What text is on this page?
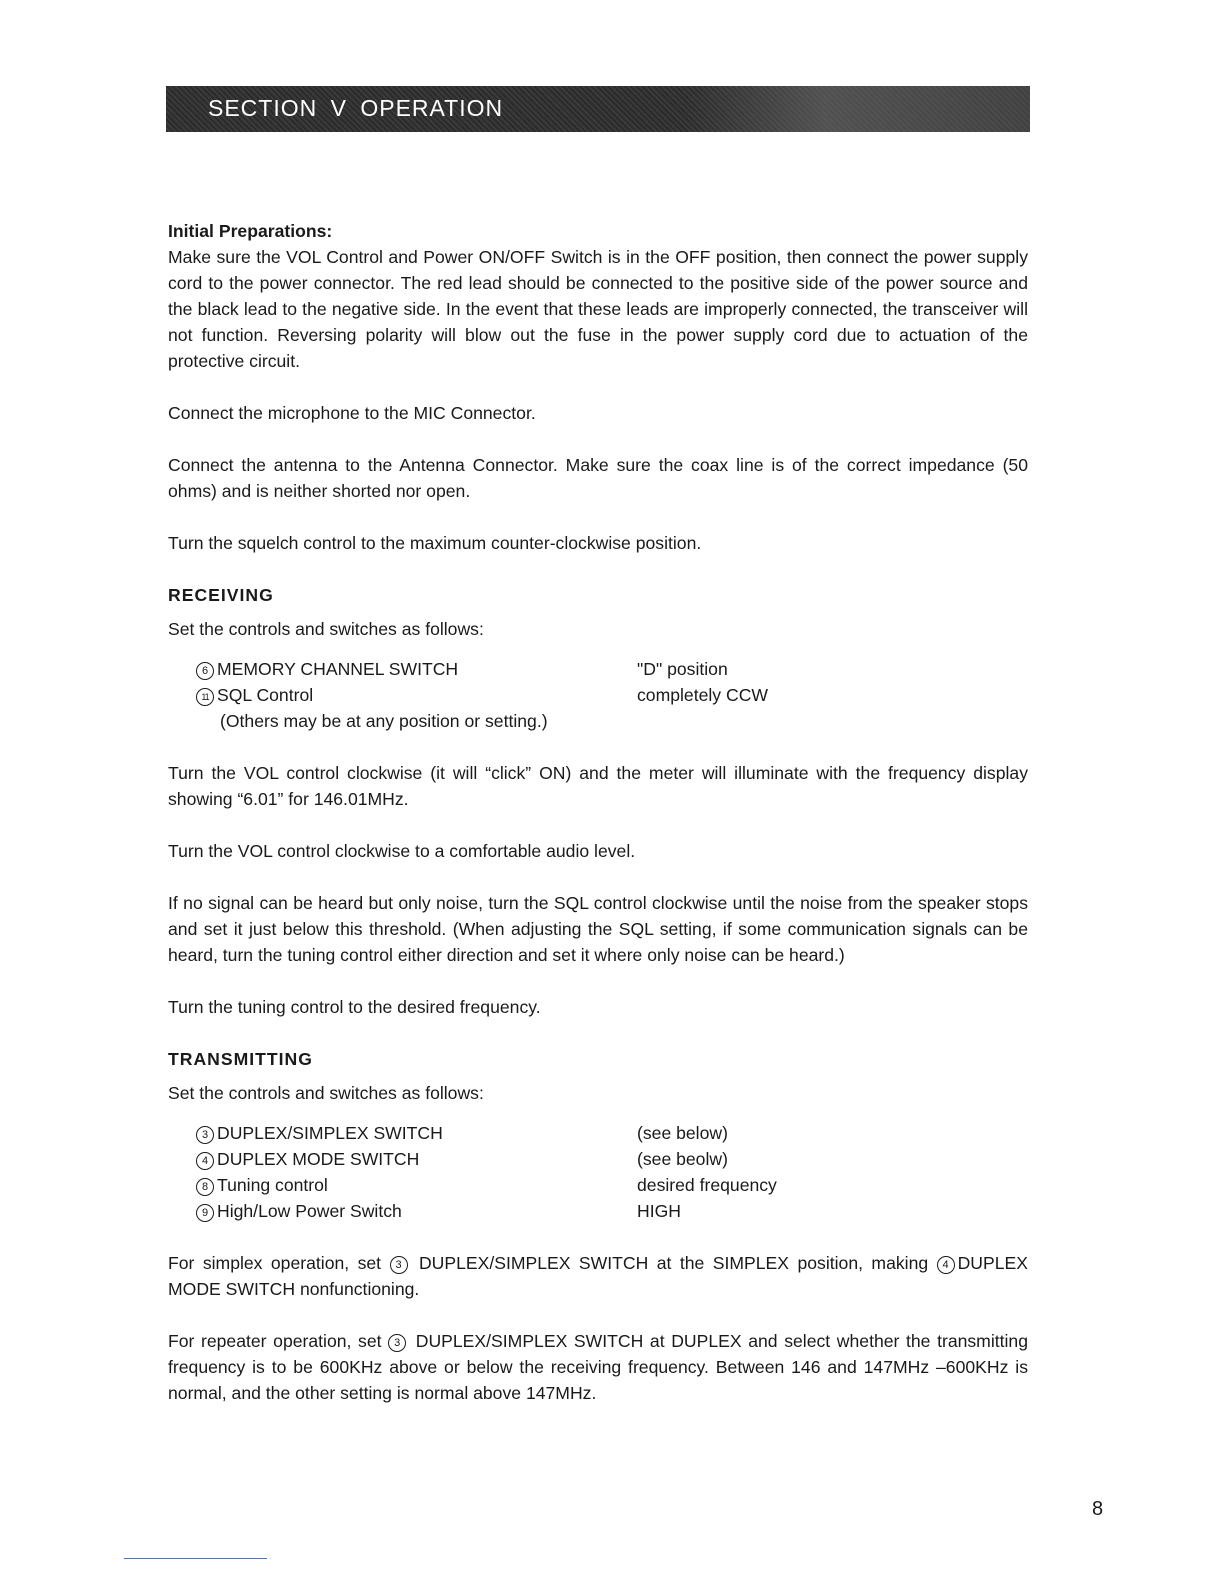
SECTION V OPERATION
Initial Preparations:

Make sure the VOL Control and Power ON/OFF Switch is in the OFF position, then connect the power supply cord to the power connector. The red lead should be connected to the positive side of the power source and the black lead to the negative side. In the event that these leads are improperly connected, the transceiver will not function. Reversing polarity will blow out the fuse in the power supply cord due to actuation of the protective circuit.

Connect the microphone to the MIC Connector.

Connect the antenna to the Antenna Connector. Make sure the coax line is of the correct impedance (50 ohms) and is neither shorted nor open.

Turn the squelch control to the maximum counter-clockwise position.

RECEIVING

Set the controls and switches as follows:

6 MEMORY CHANNEL SWITCH	"D" position
11 SQL Control	completely CCW
(Others may be at any position or setting.)

Turn the VOL control clockwise (it will “click” ON) and the meter will illuminate with the frequency display showing “6.01” for 146.01MHz.

Turn the VOL control clockwise to a comfortable audio level.

If no signal can be heard but only noise, turn the SQL control clockwise until the noise from the speaker stops and set it just below this threshold. (When adjusting the SQL setting, if some communication signals can be heard, turn the tuning control either direction and set it where only noise can be heard.)

Turn the tuning control to the desired frequency.

TRANSMITTING

Set the controls and switches as follows:

3 DUPLEX/SIMPLEX SWITCH	(see below)
4 DUPLEX MODE SWITCH	(see beolw)
8 Tuning control	desired frequency
9 High/Low Power Switch	HIGH

For simplex operation, set 3 DUPLEX/SIMPLEX SWITCH at the SIMPLEX position, making 4 DUPLEX MODE SWITCH nonfunctioning.

For repeater operation, set 3 DUPLEX/SIMPLEX SWITCH at DUPLEX and select whether the transmitting frequency is to be 600KHz above or below the receiving frequency. Between 146 and 147MHz –600KHz is normal, and the other setting is normal above 147MHz.

8
